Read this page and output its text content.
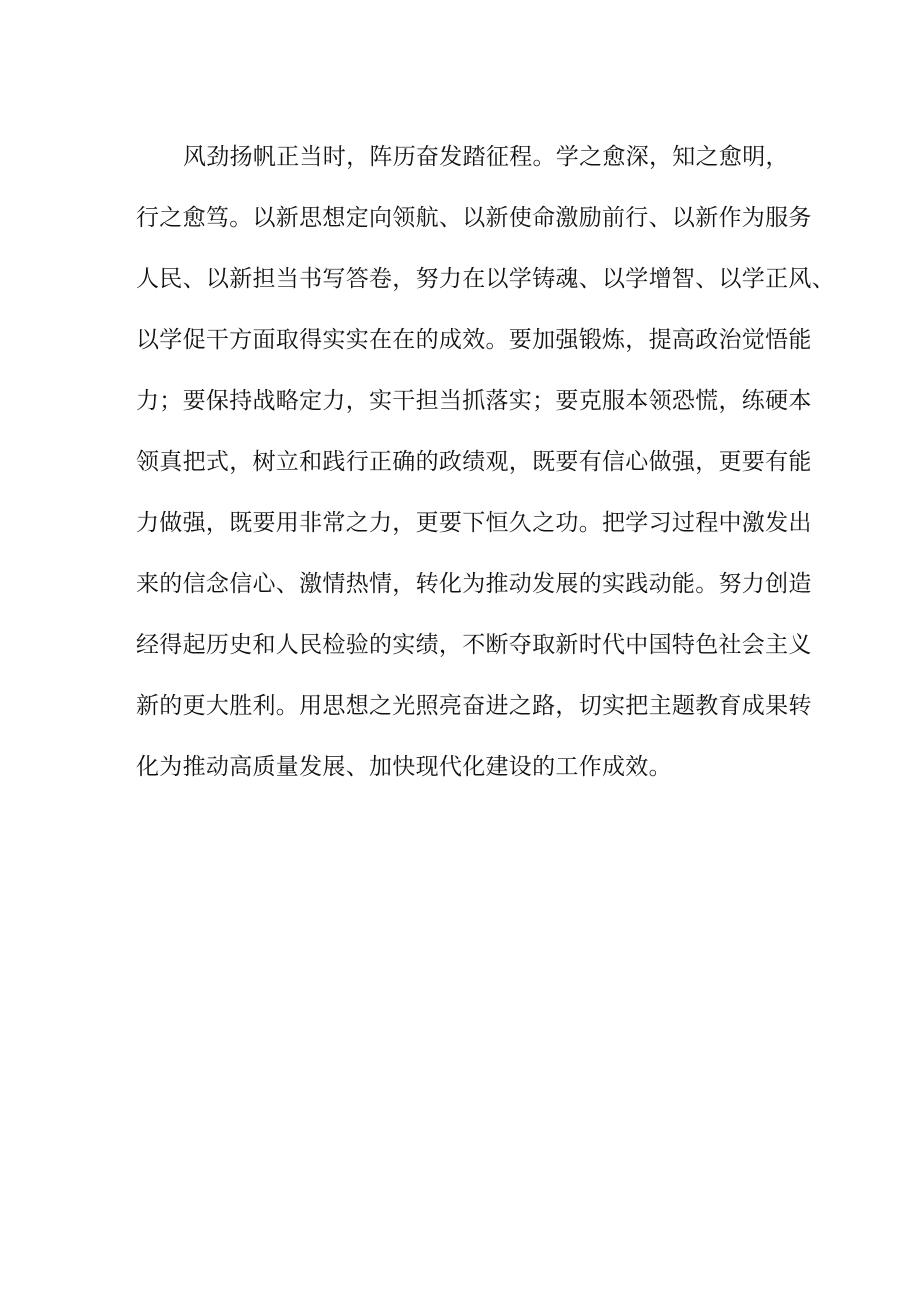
风劲扬帆正当时，阵历奋发踏征程。学之愈深，知之愈明，
行之愈笃。以新思想定向领航、以新使命激励前行、以新作为服务
人民、以新担当书写答卷，努力在以学铸魂、以学增智、以学正风、
以学促干方面取得实实在在的成效。要加强锻炼，提高政治觉悟能
力；要保持战略定力，实干担当抓落实；要克服本领恐慌，练硬本
领真把式，树立和践行正确的政绩观，既要有信心做强，更要有能
力做强，既要用非常之力，更要下恒久之功。把学习过程中激发出
来的信念信心、激情热情，转化为推动发展的实践动能。努力创造
经得起历史和人民检验的实绩，不断夺取新时代中国特色社会主义
新的更大胜利。用思想之光照亮奋进之路，切实把主题教育成果转
化为推动高质量发展、加快现代化建设的工作成效。
